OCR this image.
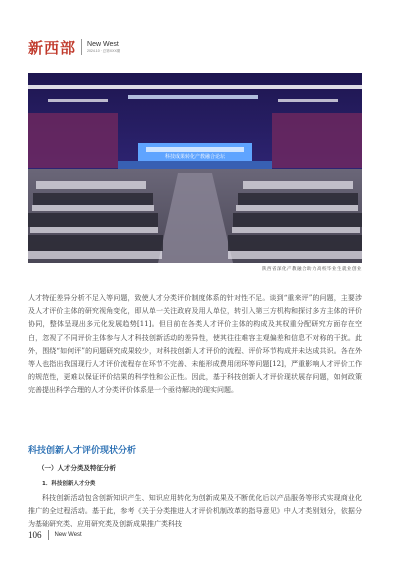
新西部 New West
2024.10 · 总第XXX期
科技成果转化产教融合论坛
陕西省深化产教融合助力高校毕业生就业创业

人才特征差异分析不足入等问题，致使人才分类评价制度体系的针对性不足。谈到“重来评”的问题，主要涉及人才评价主体的研究视角变化，即从单一关注政府及用人单位，转引入第三方机构和探讨多方主体的评价协同，整体呈现出多元化发展趋势[11]。但目前在各类人才评价主体的构成及其权重分配研究方面存在空白，忽视了不同评价主体参与人才科技创新活动的差异性，使其往往难容主观偏差和信息不对称的干扰。此外，围绕“如何评”的问题研究成果较少，对科技创新人才评价的流程、评价环节构成并未达成共识。各在外等人也指出我国现行人才评价流程存在环节不完善、未能形成费用闭环等问题[12]，严重影响人才评价工作的规范性，更难以保证评价结果的科学性和公正性。因此，基于科技创新人才评价现状展存问题，如何政策完善提出科学合理的人才分类评价体系是一个亟待解决的现实问题。

科技创新人才评价现状分析
（一）人才分类及特征分析
1．科技创新人才分类

科技创新活动包含创新知识产生、知识应用转化为创新成果及不断优化后以产品服务等形式实现商业化推广的全过程活动。基于此，参考《关于分类推进人才评价机制改革的指导意见》中人才类别划分，依据分为基础研究类、应用研究类及创新成果推广类科技

106 New West
